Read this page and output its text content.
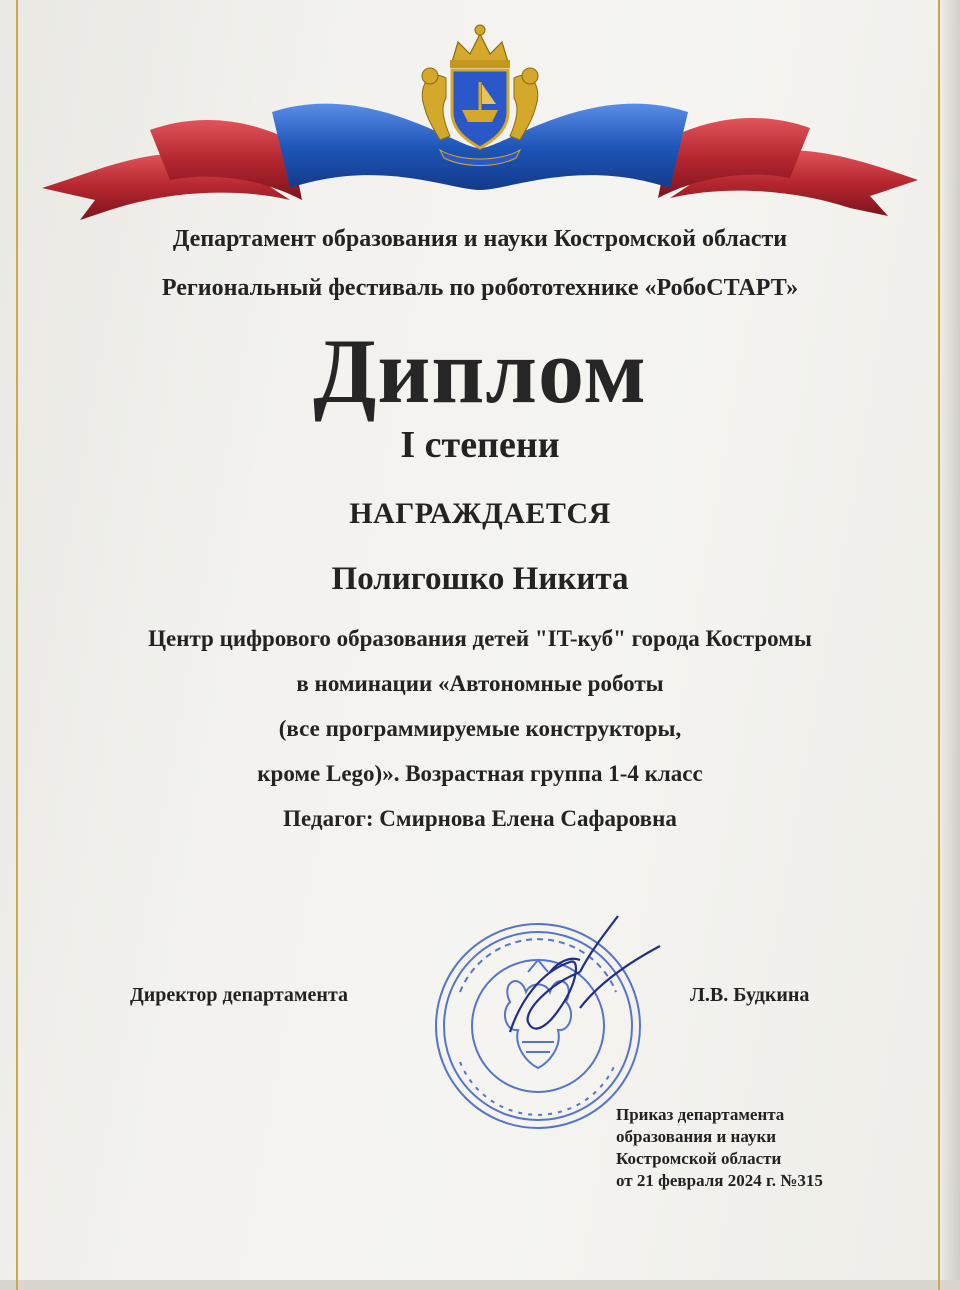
Департамент образования и науки Костромской области
Региональный фестиваль по робототехнике «РобоСТАРТ»
Диплом
I степени
НАГРАЖДАЕТСЯ
Полигошко Никита
Центр цифрового образования детей "IT-куб" города Костромы
в номинации «Автономные роботы
(все программируемые конструкторы,
кроме Lego)». Возрастная группа 1-4 класс
Педагог: Смирнова Елена Сафаровна
Директор департамента	Л.В. Будкина
Приказ департамента
образования и науки
Костромской области
от 21 февраля 2024 г. №315
